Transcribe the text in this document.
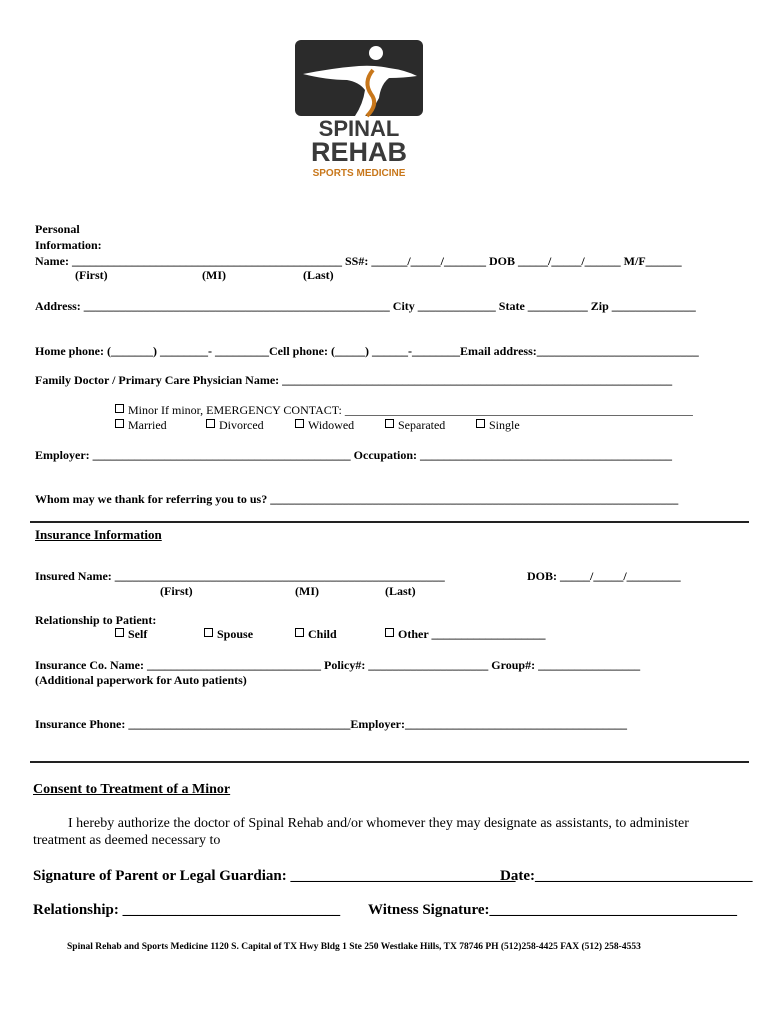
SPINAL
REHAB
SPORTS MEDICINE
Personal
Information:
Name: _____________________________________________ SS#: ______/_____/_______ DOB _____/_____/______ M/F______
(First)	(MI)	(Last)
Address: ___________________________________________________ City _____________ State __________ Zip ______________
Home phone: (_______) ________- _________Cell phone: (_____) ______-________Email address:___________________________
Family Doctor / Primary Care Physician Name: _________________________________________________________________
Minor If minor, EMERGENCY CONTACT: __________________________________________________________
Married	Divorced	Widowed	Separated	Single
Employer: ___________________________________________ Occupation: __________________________________________
Whom may we thank for referring you to us? ____________________________________________________________________
Insurance Information
Insured Name: _______________________________________________________	DOB: _____/_____/_________
(First)	(MI)	(Last)
Relationship to Patient:
Self	Spouse	Child	Other ___________________
Insurance Co. Name: _____________________________ Policy#: ____________________ Group#: _________________
(Additional paperwork for Auto patients)
Insurance Phone: _____________________________________Employer:_____________________________________
Consent to Treatment of a Minor
I hereby authorize the doctor of Spinal Rehab and/or whomever they may designate as assistants, to administer
treatment as deemed necessary to
Signature of Parent or Legal Guardian: ______________________________
Date:_____________________________
Relationship: _____________________________ Witness Signature:_________________________________
Spinal Rehab and Sports Medicine 1120 S. Capital of TX Hwy Bldg 1 Ste 250 Westlake Hills, TX 78746 PH (512)258-4425 FAX (512) 258-4553
